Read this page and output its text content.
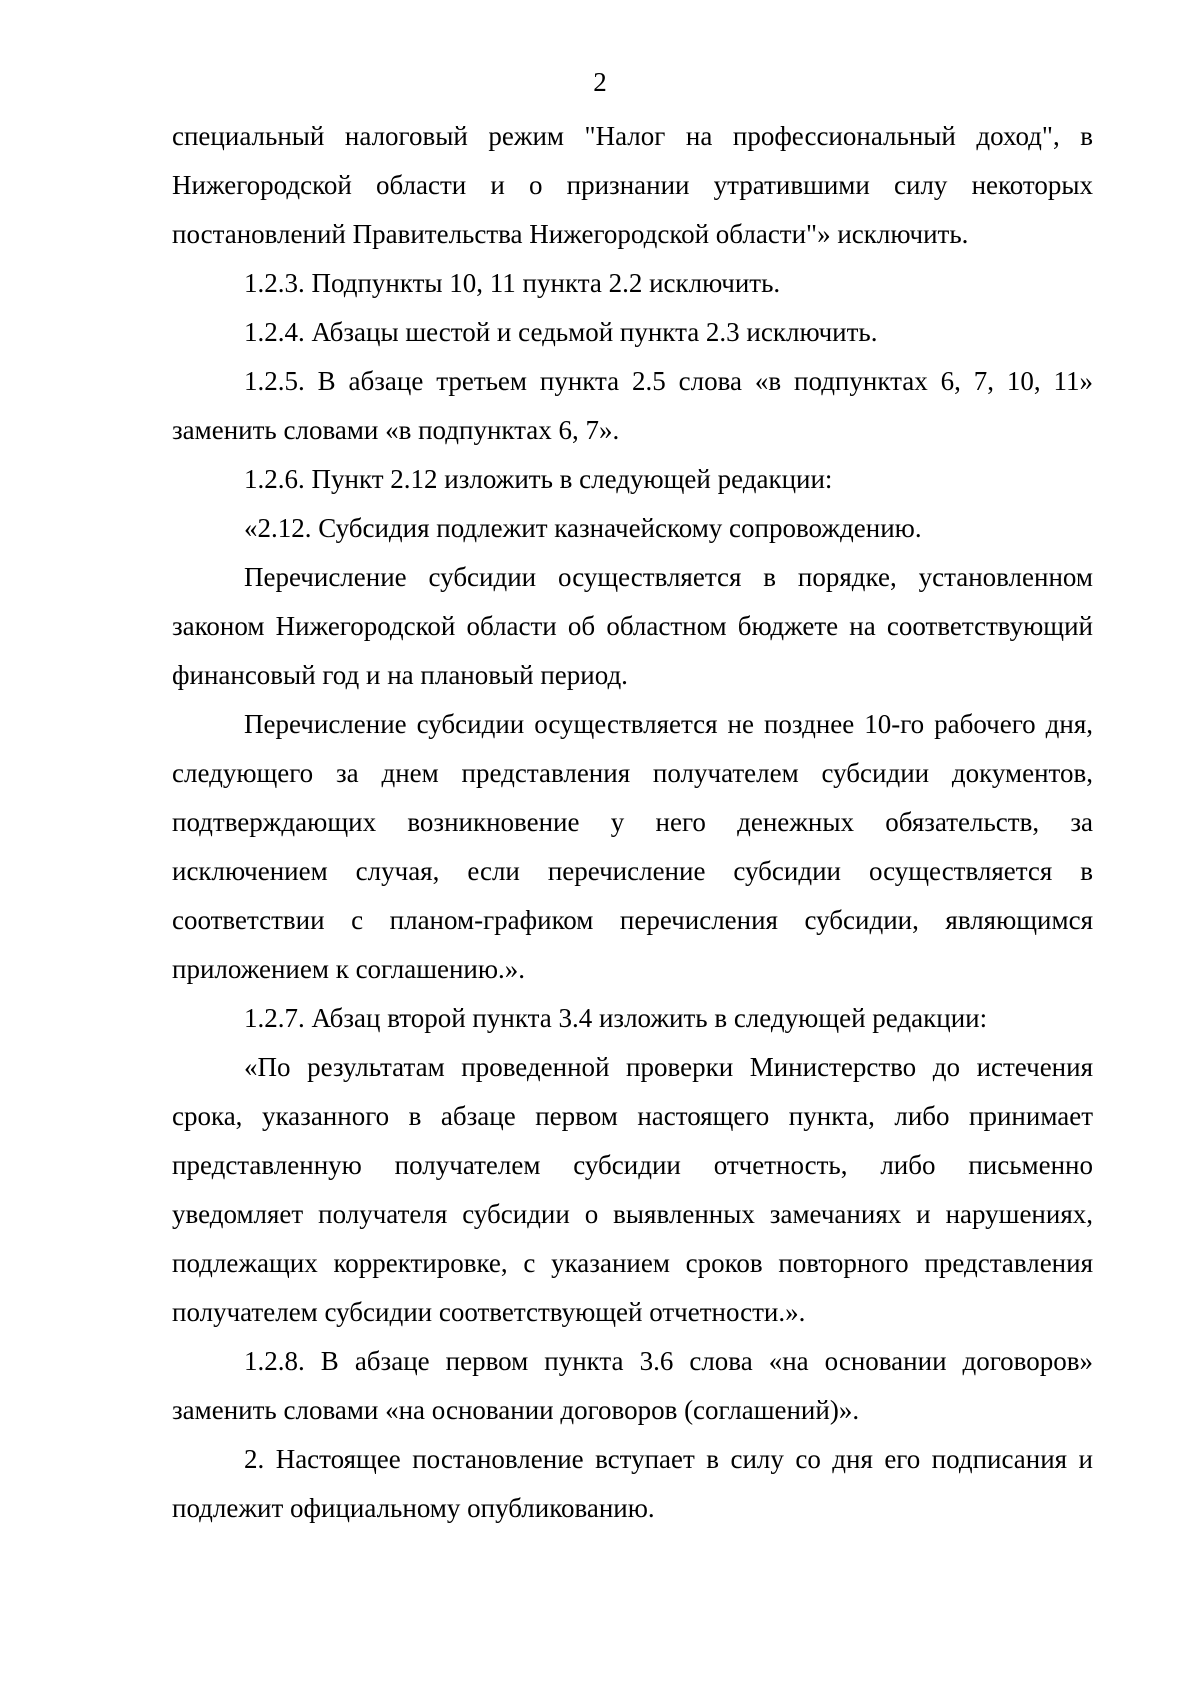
2

специальный налоговый режим "Налог на профессиональный доход", в Нижегородской области и о признании утратившими силу некоторых постановлений Правительства Нижегородской области"» исключить.

1.2.3. Подпункты 10, 11 пункта 2.2 исключить.

1.2.4. Абзацы шестой и седьмой пункта 2.3 исключить.

1.2.5. В абзаце третьем пункта 2.5 слова «в подпунктах 6, 7, 10, 11» заменить словами «в подпунктах 6, 7».

1.2.6. Пункт 2.12 изложить в следующей редакции:

«2.12. Субсидия подлежит казначейскому сопровождению.

Перечисление субсидии осуществляется в порядке, установленном законом Нижегородской области об областном бюджете на соответствующий финансовый год и на плановый период.

Перечисление субсидии осуществляется не позднее 10-го рабочего дня, следующего за днем представления получателем субсидии документов, подтверждающих возникновение у него денежных обязательств, за исключением случая, если перечисление субсидии осуществляется в соответствии с планом-графиком перечисления субсидии, являющимся приложением к соглашению.».

1.2.7. Абзац второй пункта 3.4 изложить в следующей редакции:

«По результатам проведенной проверки Министерство до истечения срока, указанного в абзаце первом настоящего пункта, либо принимает представленную получателем субсидии отчетность, либо письменно уведомляет получателя субсидии о выявленных замечаниях и нарушениях, подлежащих корректировке, с указанием сроков повторного представления получателем субсидии соответствующей отчетности.».

1.2.8. В абзаце первом пункта 3.6 слова «на основании договоров» заменить словами «на основании договоров (соглашений)».

2. Настоящее постановление вступает в силу со дня его подписания и подлежит официальному опубликованию.
